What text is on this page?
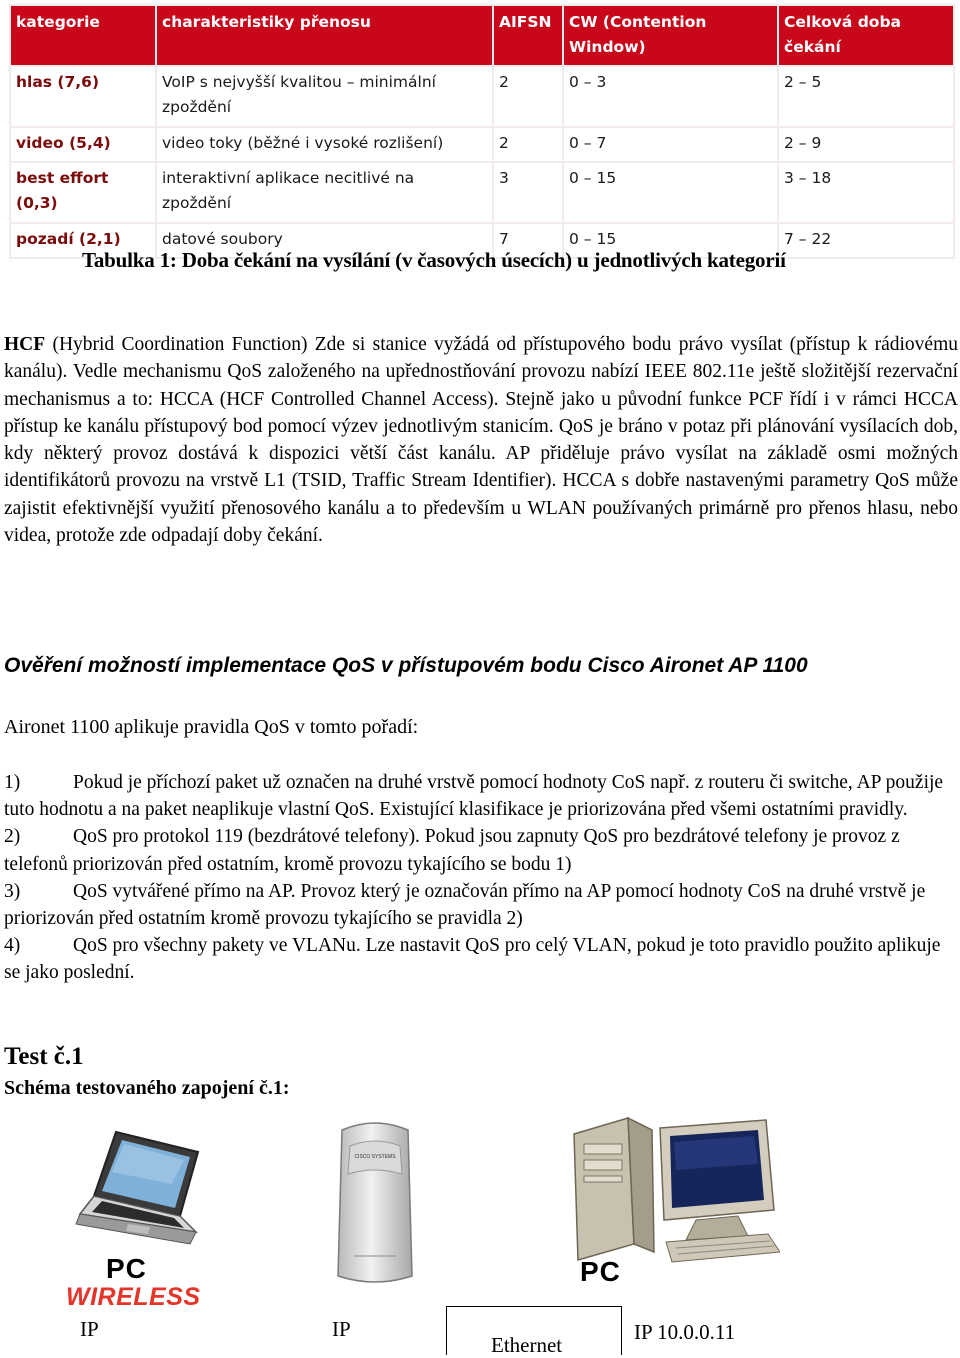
kategorie	charakteristiky přenosu	AIFSN	CW (Contention Window)	Celková doba čekání
hlas (7,6)	VoIP s nejvyšší kvalitou – minimální zpoždění	2	0 – 3	2 – 5
video (5,4)	video toky (běžné i vysoké rozlišení)	2	0 – 7	2 – 9
best effort (0,3)	interaktivní aplikace necitlivé na zpoždění	3	0 – 15	3 – 18
pozadí (2,1)	datové soubory	7	0 – 15	7 – 22
Tabulka 1: Doba čekání na vysílání (v časových úsecích) u jednotlivých kategorií

HCF (Hybrid Coordination Function) Zde si stanice vyžádá od přístupového bodu právo vysílat (přístup k rádiovému kanálu). Vedle mechanismu QoS založeného na upřednostňování provozu nabízí IEEE 802.11e ještě složitější rezervační mechanismus a to: HCCA (HCF Controlled Channel Access). Stejně jako u původní funkce PCF řídí i v rámci HCCA přístup ke kanálu přístupový bod pomocí výzev jednotlivým stanicím. QoS je bráno v potaz při plánování vysílacích dob, kdy některý provoz dostává k dispozici větší část kanálu. AP přiděluje právo vysílat na základě osmi možných identifikátorů provozu na vrstvě L1 (TSID, Traffic Stream Identifier). HCCA s dobře nastavenými parametry QoS může zajistit efektivnější využití přenosového kanálu a to především u WLAN používaných primárně pro přenos hlasu, nebo videa, protože zde odpadají doby čekání.

Ověření možností implementace QoS v přístupovém bodu Cisco Aironet AP 1100

Aironet 1100 aplikuje pravidla QoS v tomto pořadí:

1)	Pokud je příchozí paket už označen na druhé vrstvě pomocí hodnoty CoS např. z routeru či switche, AP použije tuto hodnotu a na paket neaplikuje vlastní QoS. Existující klasifikace je priorizována před všemi ostatními pravidly.
2)	QoS pro protokol 119 (bezdrátové telefony). Pokud jsou zapnuty QoS pro bezdrátové telefony je provoz z telefonů priorizován před ostatním, kromě provozu tykajícího se bodu 1)
3)	QoS vytvářené přímo na AP. Provoz který je označován přímo na AP pomocí hodnoty CoS na druhé vrstvě je priorizován před ostatním kromě provozu tykajícího se pravidla 2)
4)	QoS pro všechny pakety ve VLANu. Lze nastavit QoS pro celý VLAN, pokud je toto pravidlo použito aplikuje se jako poslední.
Test č.1
Schéma testovaného zapojení č.1:
PC
WIRELESS
CISCO SYSTEMS
PC
IP	IP	IP 10.0.0.11
Ethernet
